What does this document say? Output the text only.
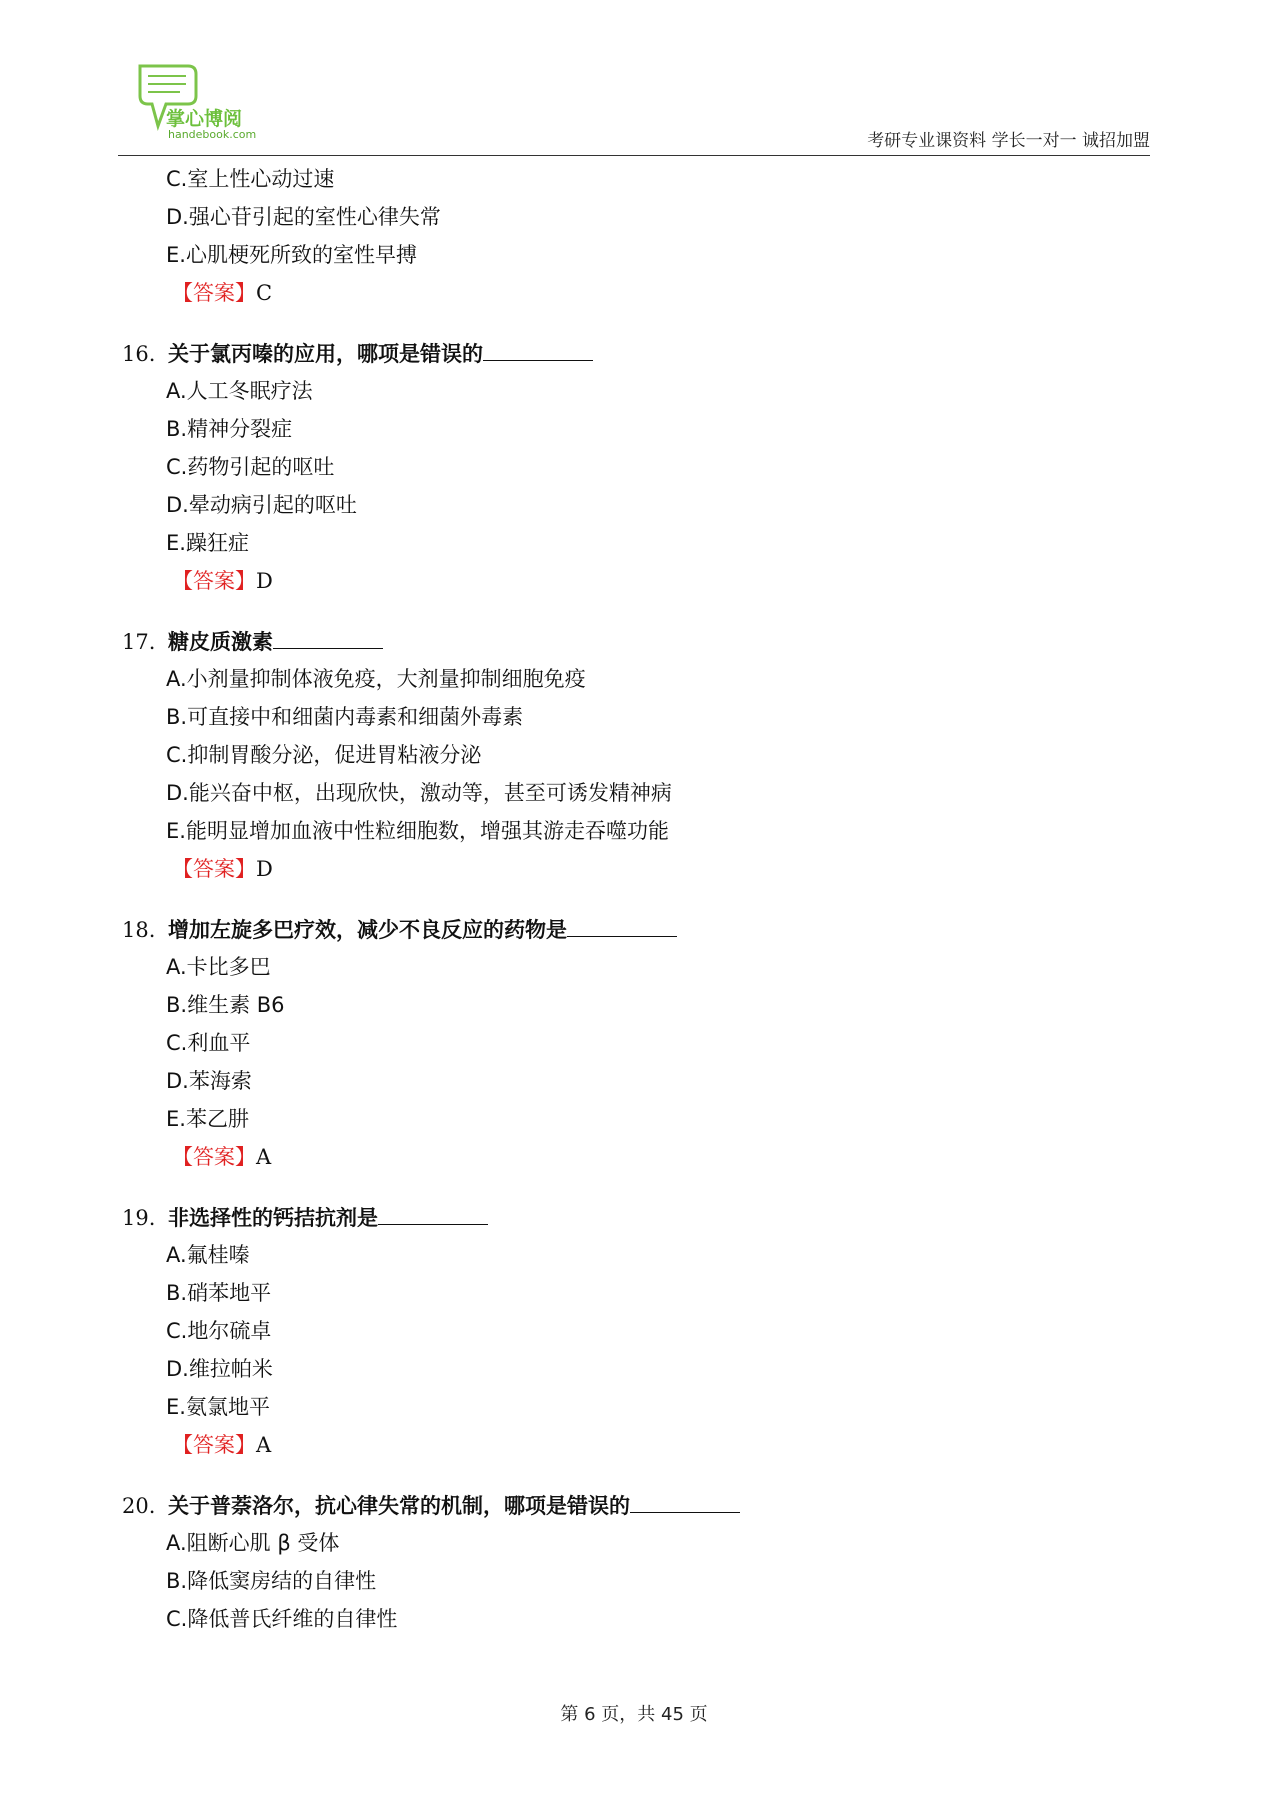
掌心博阅
handebook.com	考研专业课资料 学长一对一 诚招加盟
C.室上性心动过速
D.强心苷引起的室性心律失常
E.心肌梗死所致的室性早搏
【答案】C
16. 关于氯丙嗪的应用，哪项是错误的
A.人工冬眠疗法
B.精神分裂症
C.药物引起的呕吐
D.晕动病引起的呕吐
E.躁狂症
【答案】D
17. 糖皮质激素
A.小剂量抑制体液免疫，大剂量抑制细胞免疫
B.可直接中和细菌内毒素和细菌外毒素
C.抑制胃酸分泌，促进胃粘液分泌
D.能兴奋中枢，出现欣快，激动等，甚至可诱发精神病
E.能明显增加血液中性粒细胞数，增强其游走吞噬功能
【答案】D
18. 增加左旋多巴疗效，减少不良反应的药物是
A.卡比多巴
B.维生素 B6
C.利血平
D.苯海索
E.苯乙肼
【答案】A
19. 非选择性的钙拮抗剂是
A.氟桂嗪
B.硝苯地平
C.地尔硫卓
D.维拉帕米
E.氨氯地平
【答案】A
20. 关于普萘洛尔，抗心律失常的机制，哪项是错误的
A.阻断心肌 β 受体
B.降低窦房结的自律性
C.降低普氏纤维的自律性
第 6 页，共 45 页
